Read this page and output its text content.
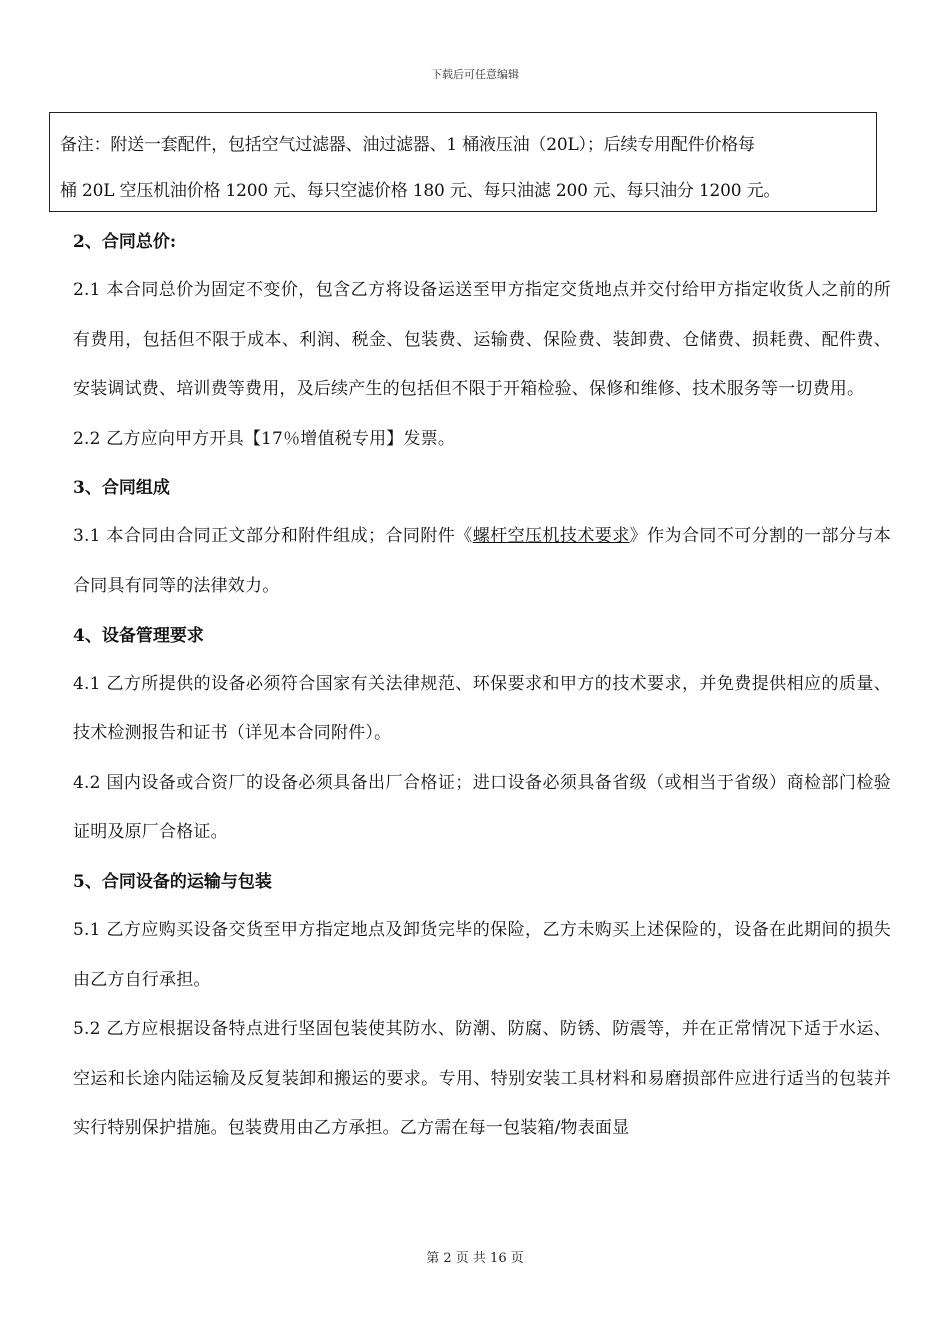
下载后可任意编辑
备注：附送一套配件，包括空气过滤器、油过滤器、1 桶液压油（20L）；后续专用配件价格每
桶 20L 空压机油价格 1200 元、每只空滤价格 180 元、每只油滤 200 元、每只油分 1200 元。

2、合同总价:

2.1 本合同总价为固定不变价，包含乙方将设备运送至甲方指定交货地点并交付给甲方指定收货人之前的所有费用，包括但不限于成本、利润、税金、包装费、运输费、保险费、装卸费、仓储费、损耗费、配件费、安装调试费、培训费等费用，及后续产生的包括但不限于开箱检验、保修和维修、技术服务等一切费用。

2.2 乙方应向甲方开具【17％增值税专用】发票。

3、合同组成

3.1 本合同由合同正文部分和附件组成；合同附件《螺杆空压机技术要求》作为合同不可分割的一部分与本合同具有同等的法律效力。

4、设备管理要求

4.1 乙方所提供的设备必须符合国家有关法律规范、环保要求和甲方的技术要求，并免费提供相应的质量、技术检测报告和证书（详见本合同附件）。

4.2 国内设备或合资厂的设备必须具备出厂合格证；进口设备必须具备省级（或相当于省级）商检部门检验证明及原厂合格证。

5、合同设备的运输与包装

5.1 乙方应购买设备交货至甲方指定地点及卸货完毕的保险，乙方未购买上述保险的，设备在此期间的损失由乙方自行承担。

5.2 乙方应根据设备特点进行坚固包装使其防水、防潮、防腐、防锈、防震等，并在正常情况下适于水运、空运和长途内陆运输及反复装卸和搬运的要求。专用、特别安装工具材料和易磨损部件应进行适当的包装并实行特别保护措施。包装费用由乙方承担。乙方需在每一包装箱/物表面显

第 2 页 共 16 页
